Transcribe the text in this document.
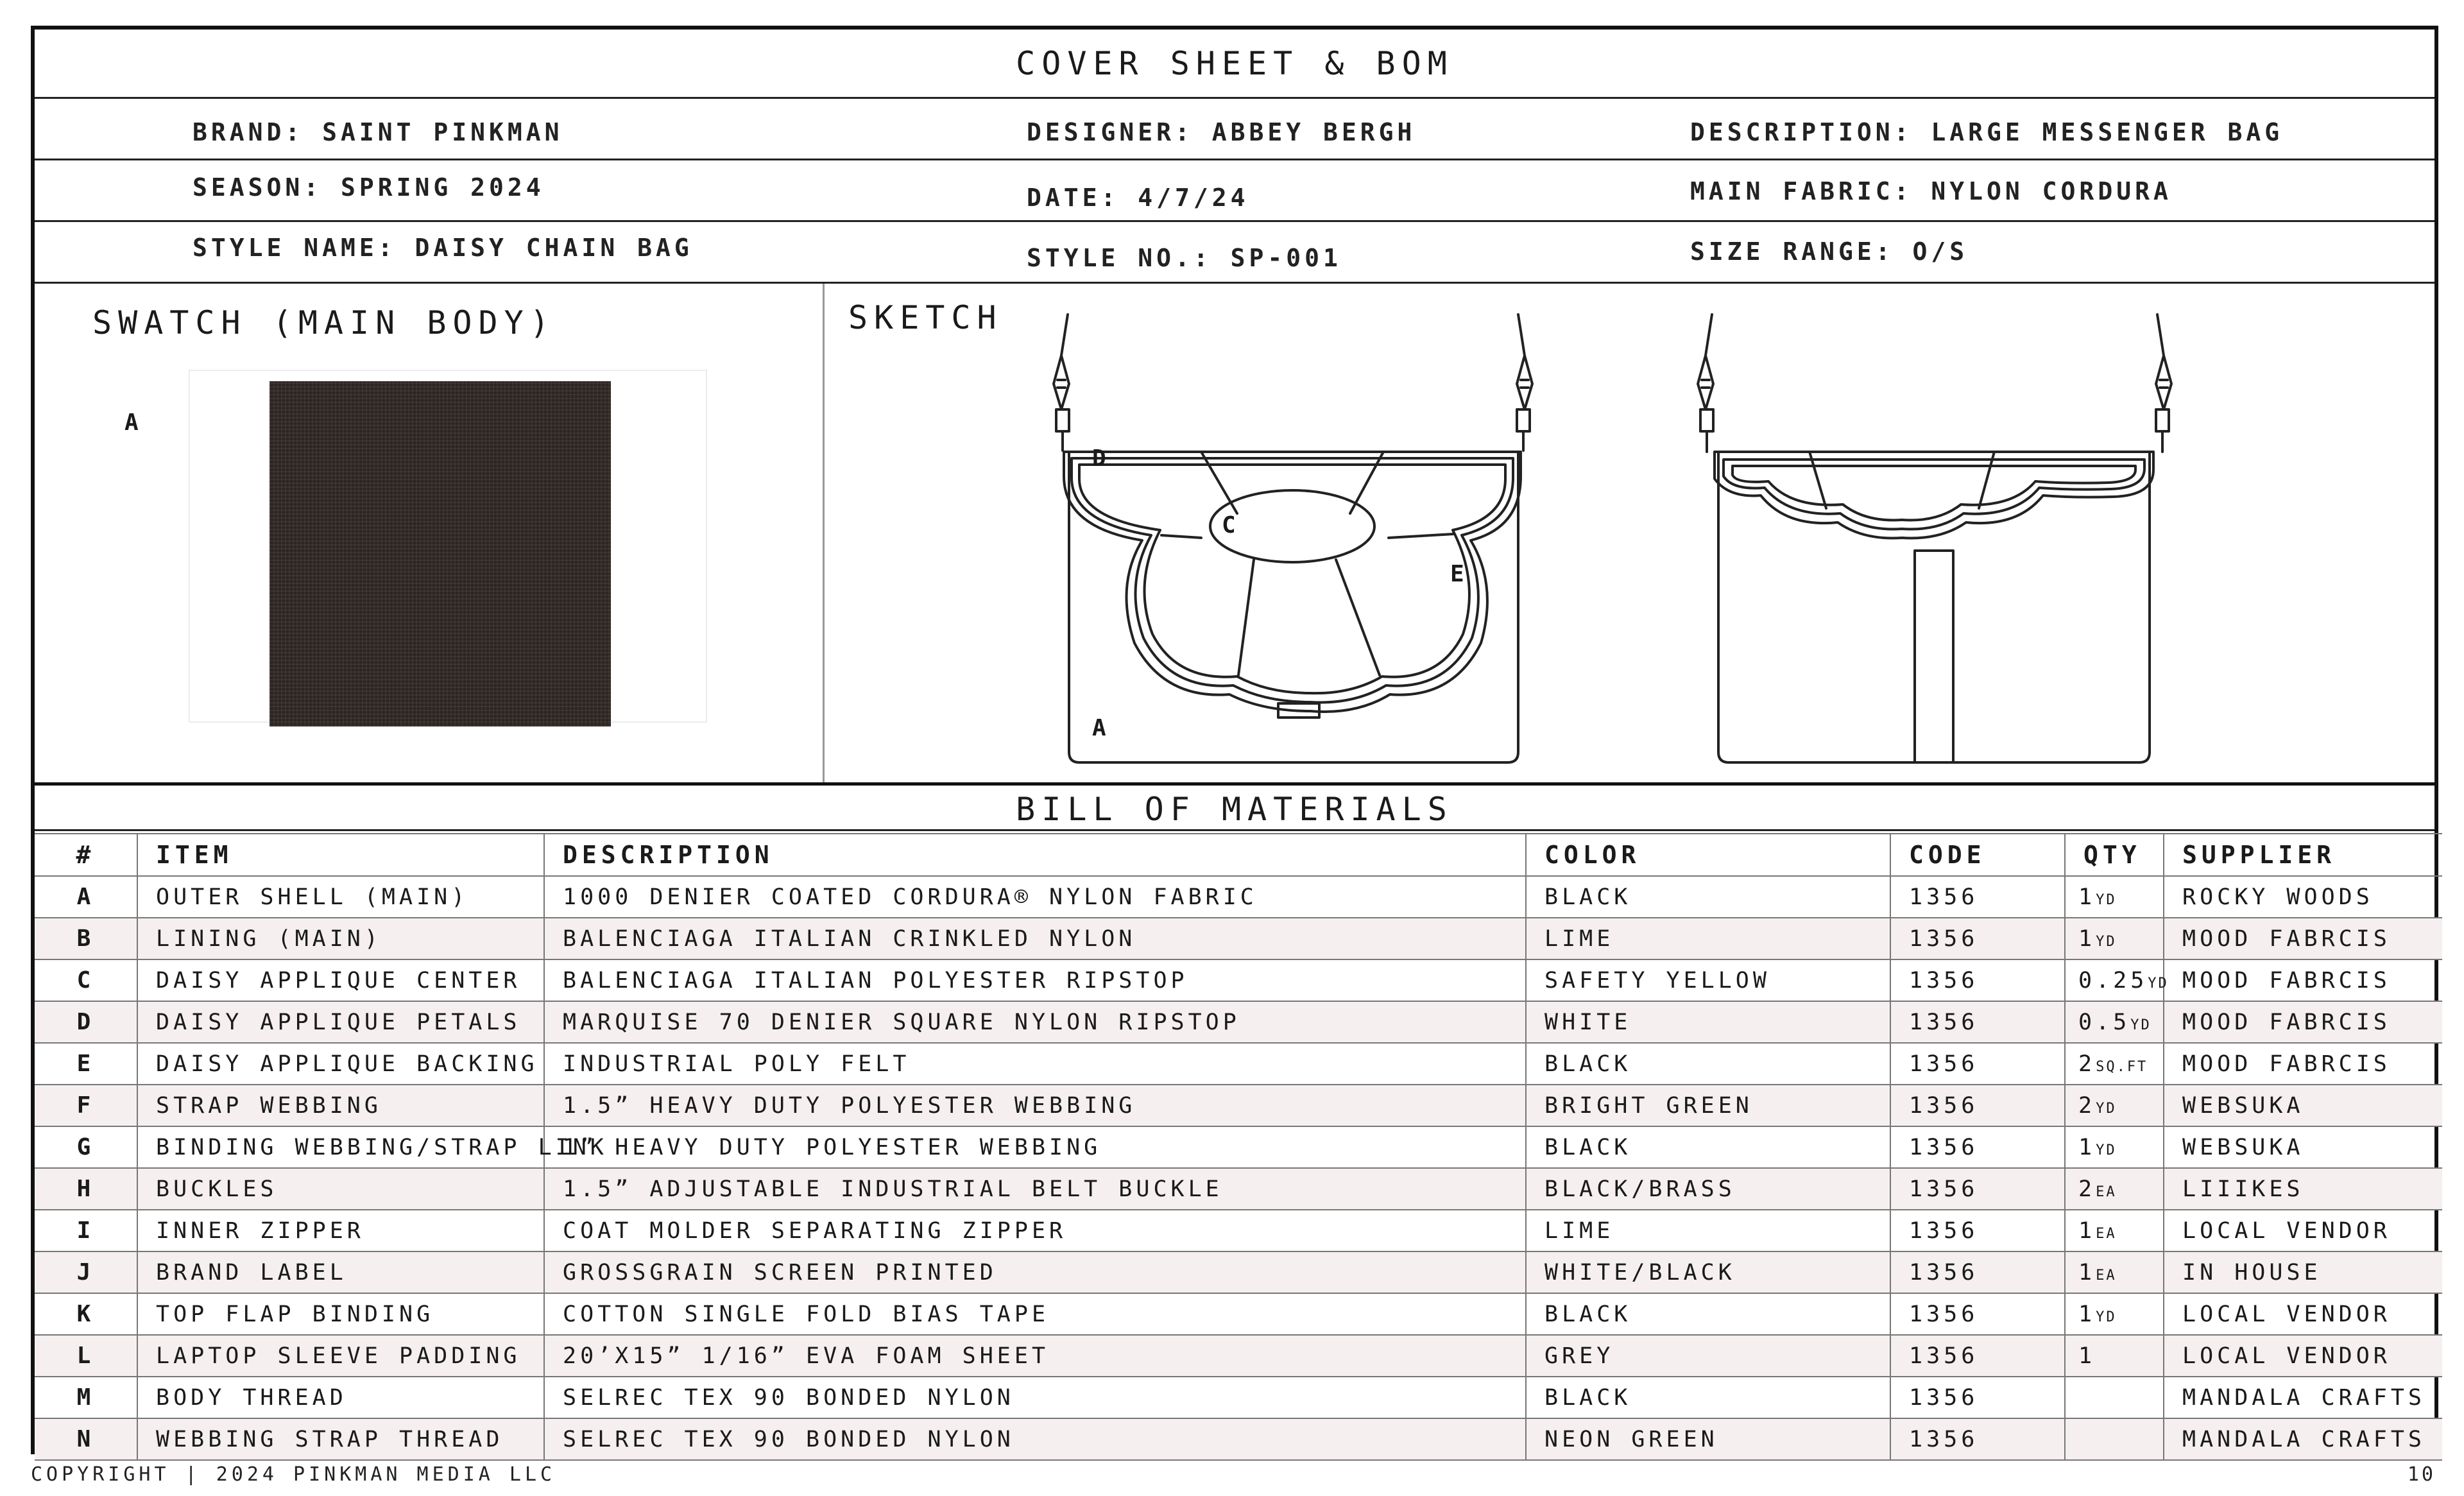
COVER SHEET & BOM
BRAND: SAINT PINKMAN	DESIGNER: ABBEY BERGH	DESCRIPTION: LARGE MESSENGER BAG
SEASON: SPRING 2024	DATE: 4/7/24	MAIN FABRIC: NYLON CORDURA
STYLE NAME: DAISY CHAIN BAG	STYLE NO.: SP-001	SIZE RANGE: O/S
SWATCH (MAIN BODY)
A
SKETCH
D
C
E
A
BILL OF MATERIALS
#	ITEM	DESCRIPTION	COLOR	CODE	QTY	SUPPLIER
A	OUTER SHELL (MAIN)	1000 DENIER COATED CORDURA® NYLON FABRIC	BLACK	1356	1YD	ROCKY WOODS
B	LINING (MAIN)	BALENCIAGA ITALIAN CRINKLED NYLON	LIME	1356	1YD	MOOD FABRCIS
C	DAISY APPLIQUE CENTER	BALENCIAGA ITALIAN POLYESTER RIPSTOP	SAFETY YELLOW	1356	0.25YD	MOOD FABRCIS
D	DAISY APPLIQUE PETALS	MARQUISE 70 DENIER SQUARE NYLON RIPSTOP	WHITE	1356	0.5YD	MOOD FABRCIS
E	DAISY APPLIQUE BACKING	INDUSTRIAL POLY FELT	BLACK	1356	2SQ.FT	MOOD FABRCIS
F	STRAP WEBBING	1.5” HEAVY DUTY POLYESTER WEBBING	BRIGHT GREEN	1356	2YD	WEBSUKA
G	BINDING WEBBING/STRAP LINK	1” HEAVY DUTY POLYESTER WEBBING	BLACK	1356	1YD	WEBSUKA
H	BUCKLES	1.5” ADJUSTABLE INDUSTRIAL BELT BUCKLE	BLACK/BRASS	1356	2EA	LIIIKES
I	INNER ZIPPER	COAT MOLDER SEPARATING ZIPPER	LIME	1356	1EA	LOCAL VENDOR
J	BRAND LABEL	GROSSGRAIN SCREEN PRINTED	WHITE/BLACK	1356	1EA	IN HOUSE
K	TOP FLAP BINDING	COTTON SINGLE FOLD BIAS TAPE	BLACK	1356	1YD	LOCAL VENDOR
L	LAPTOP SLEEVE PADDING	20’X15” 1/16” EVA FOAM SHEET	GREY	1356	1	LOCAL VENDOR
M	BODY THREAD	SELREC TEX 90 BONDED NYLON	BLACK	1356		MANDALA CRAFTS
N	WEBBING STRAP THREAD	SELREC TEX 90 BONDED NYLON	NEON GREEN	1356		MANDALA CRAFTS
COPYRIGHT | 2024 PINKMAN MEDIA LLC	10
